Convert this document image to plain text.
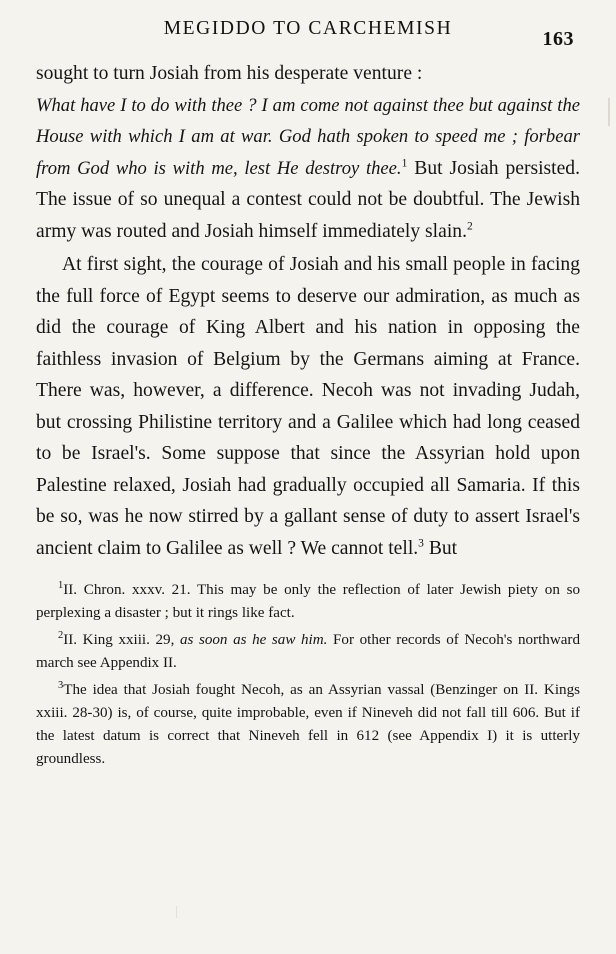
MEGIDDO TO CARCHEMISH	163

sought to turn Josiah from his desperate venture :
What have I to do with thee ? I am come not against thee but against the House with which I am at war. God hath spoken to speed me ; forbear from God who is with me, lest He destroy thee.$^1$ But Josiah persisted. The issue of so unequal a contest could not be doubtful. The Jewish army was routed and Josiah himself immediately slain.$^2$

At first sight, the courage of Josiah and his small people in facing the full force of Egypt seems to deserve our admiration, as much as did the courage of King Albert and his nation in opposing the faithless invasion of Belgium by the Germans aiming at France. There was, however, a difference. Necoh was not invading Judah, but crossing Philistine territory and a Galilee which had long ceased to be Israel's. Some suppose that since the Assyrian hold upon Palestine relaxed, Josiah had gradually occupied all Samaria. If this be so, was he now stirred by a gallant sense of duty to assert Israel's ancient claim to Galilee as well ? We cannot tell.$^3$ But

$^1$II. Chron. xxxv. 21. This may be only the reflection of later Jewish piety on so perplexing a disaster ; but it rings like fact.

$^2$II. King xxiii. 29, as soon as he saw him. For other records of Necoh's northward march see Appendix II.

$^3$The idea that Josiah fought Necoh, as an Assyrian vassal (Benzinger on II. Kings xxiii. 28-30) is, of course, quite improbable, even if Nineveh did not fall till 606. But if the latest datum is correct that Nineveh fell in 612 (see Appendix I) it is utterly groundless.
